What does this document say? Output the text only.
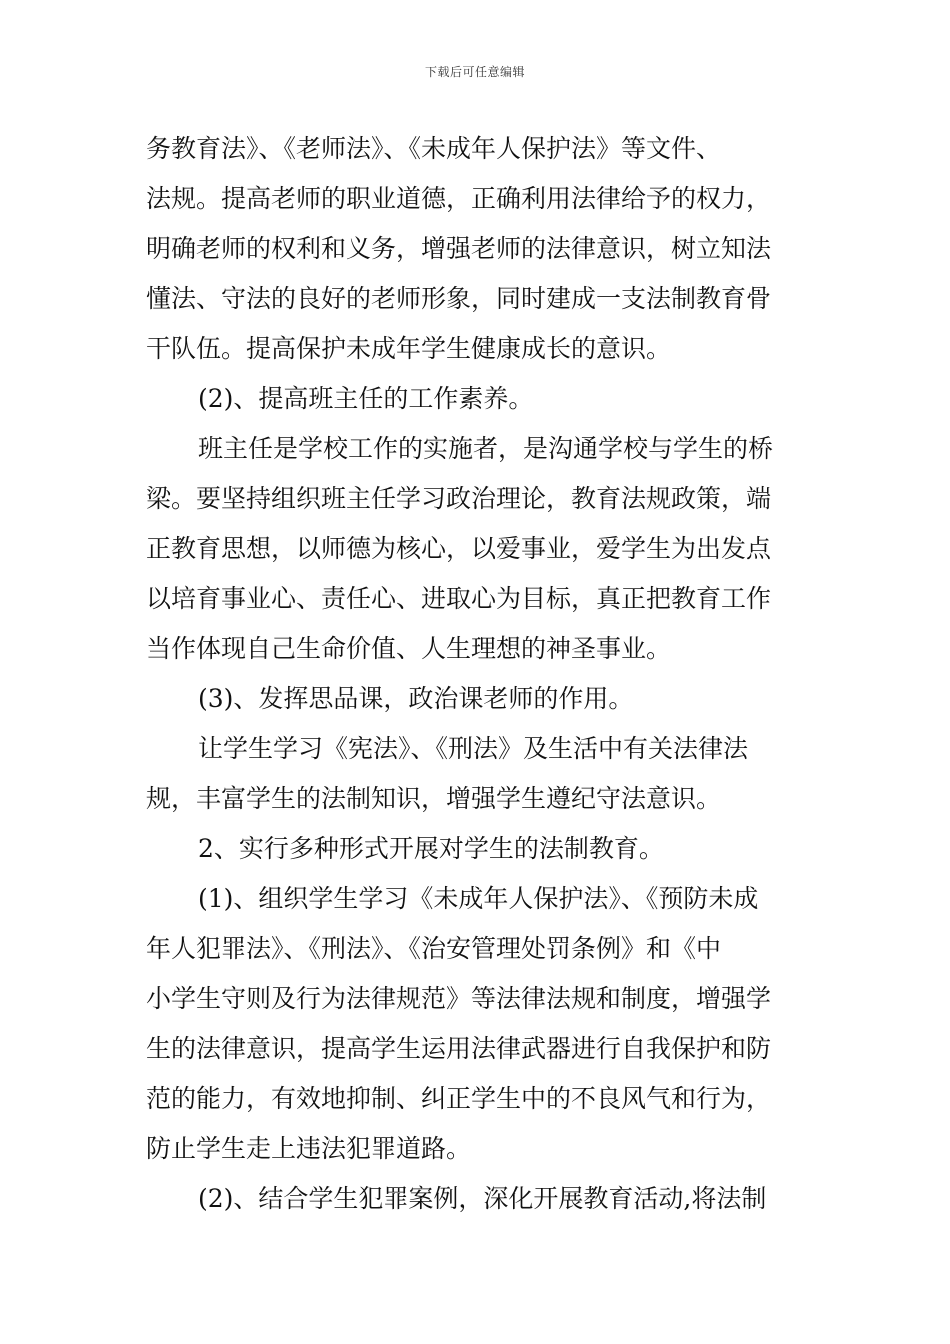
下载后可任意编辑
务教育法》、《老师法》、《未成年人保护法》等文件、
法规。提高老师的职业道德，正确利用法律给予的权力，
明确老师的权利和义务，增强老师的法律意识，树立知法
懂法、守法的良好的老师形象，同时建成一支法制教育骨
干队伍。提高保护未成年学生健康成长的意识。
(2)、提高班主任的工作素养。
班主任是学校工作的实施者，是沟通学校与学生的桥
梁。要坚持组织班主任学习政治理论，教育法规政策，端
正教育思想，以师德为核心，以爱事业，爱学生为出发点
以培育事业心、责任心、进取心为目标，真正把教育工作
当作体现自己生命价值、人生理想的神圣事业。
(3)、发挥思品课，政治课老师的作用。
让学生学习《宪法》、《刑法》及生活中有关法律法
规，丰富学生的法制知识，增强学生遵纪守法意识。
2、实行多种形式开展对学生的法制教育。
(1)、组织学生学习《未成年人保护法》、《预防未成
年人犯罪法》、《刑法》、《治安管理处罚条例》和《中
小学生守则及行为法律规范》等法律法规和制度，增强学
生的法律意识，提高学生运用法律武器进行自我保护和防
范的能力，有效地抑制、纠正学生中的不良风气和行为，
防止学生走上违法犯罪道路。
(2)、结合学生犯罪案例，深化开展教育活动,将法制
